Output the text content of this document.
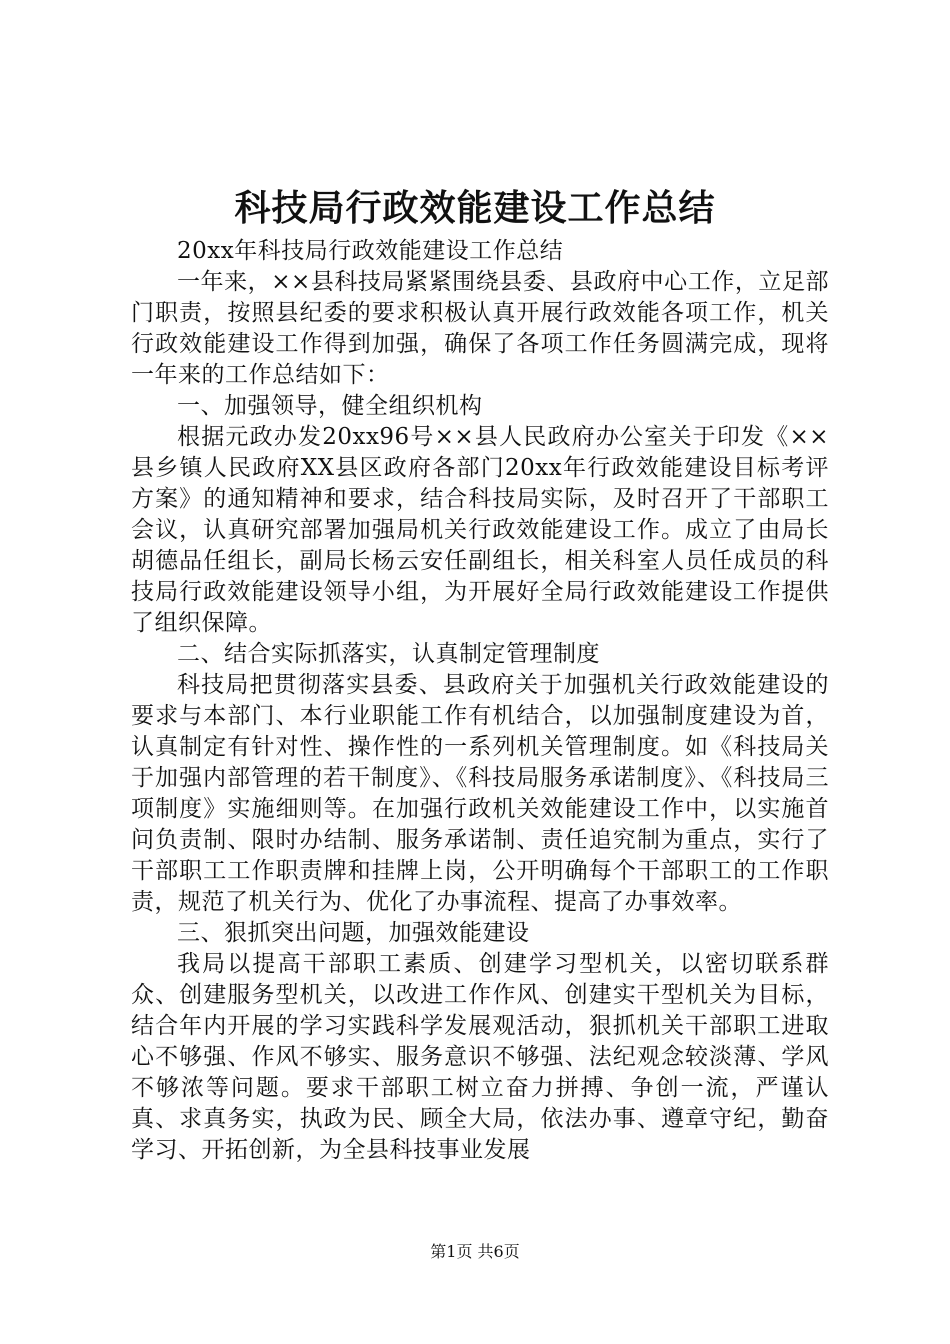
科技局行政效能建设工作总结

20xx年科技局行政效能建设工作总结

一年来，××县科技局紧紧围绕县委、县政府中心工作，立足部门职责，按照县纪委的要求积极认真开展行政效能各项工作，机关行政效能建设工作得到加强，确保了各项工作任务圆满完成，现将一年来的工作总结如下：

一、加强领导，健全组织机构

根据元政办发20xx96号××县人民政府办公室关于印发《××县乡镇人民政府XX县区政府各部门20xx年行政效能建设目标考评方案》的通知精神和要求，结合科技局实际，及时召开了干部职工会议，认真研究部署加强局机关行政效能建设工作。成立了由局长胡德品任组长，副局长杨云安任副组长，相关科室人员任成员的科技局行政效能建设领导小组，为开展好全局行政效能建设工作提供了组织保障。

二、结合实际抓落实，认真制定管理制度

科技局把贯彻落实县委、县政府关于加强机关行政效能建设的要求与本部门、本行业职能工作有机结合，以加强制度建设为首，认真制定有针对性、操作性的一系列机关管理制度。如《科技局关于加强内部管理的若干制度》、《科技局服务承诺制度》、《科技局三项制度》实施细则等。在加强行政机关效能建设工作中，以实施首问负责制、限时办结制、服务承诺制、责任追究制为重点，实行了干部职工工作职责牌和挂牌上岗，公开明确每个干部职工的工作职责，规范了机关行为、优化了办事流程、提高了办事效率。

三、狠抓突出问题，加强效能建设

我局以提高干部职工素质、创建学习型机关，以密切联系群众、创建服务型机关，以改进工作作风、创建实干型机关为目标，结合年内开展的学习实践科学发展观活动，狠抓机关干部职工进取心不够强、作风不够实、服务意识不够强、法纪观念较淡薄、学风不够浓等问题。要求干部职工树立奋力拼搏、争创一流，严谨认真、求真务实，执政为民、顾全大局，依法办事、遵章守纪，勤奋学习、开拓创新，为全县科技事业发展

第1页 共6页
